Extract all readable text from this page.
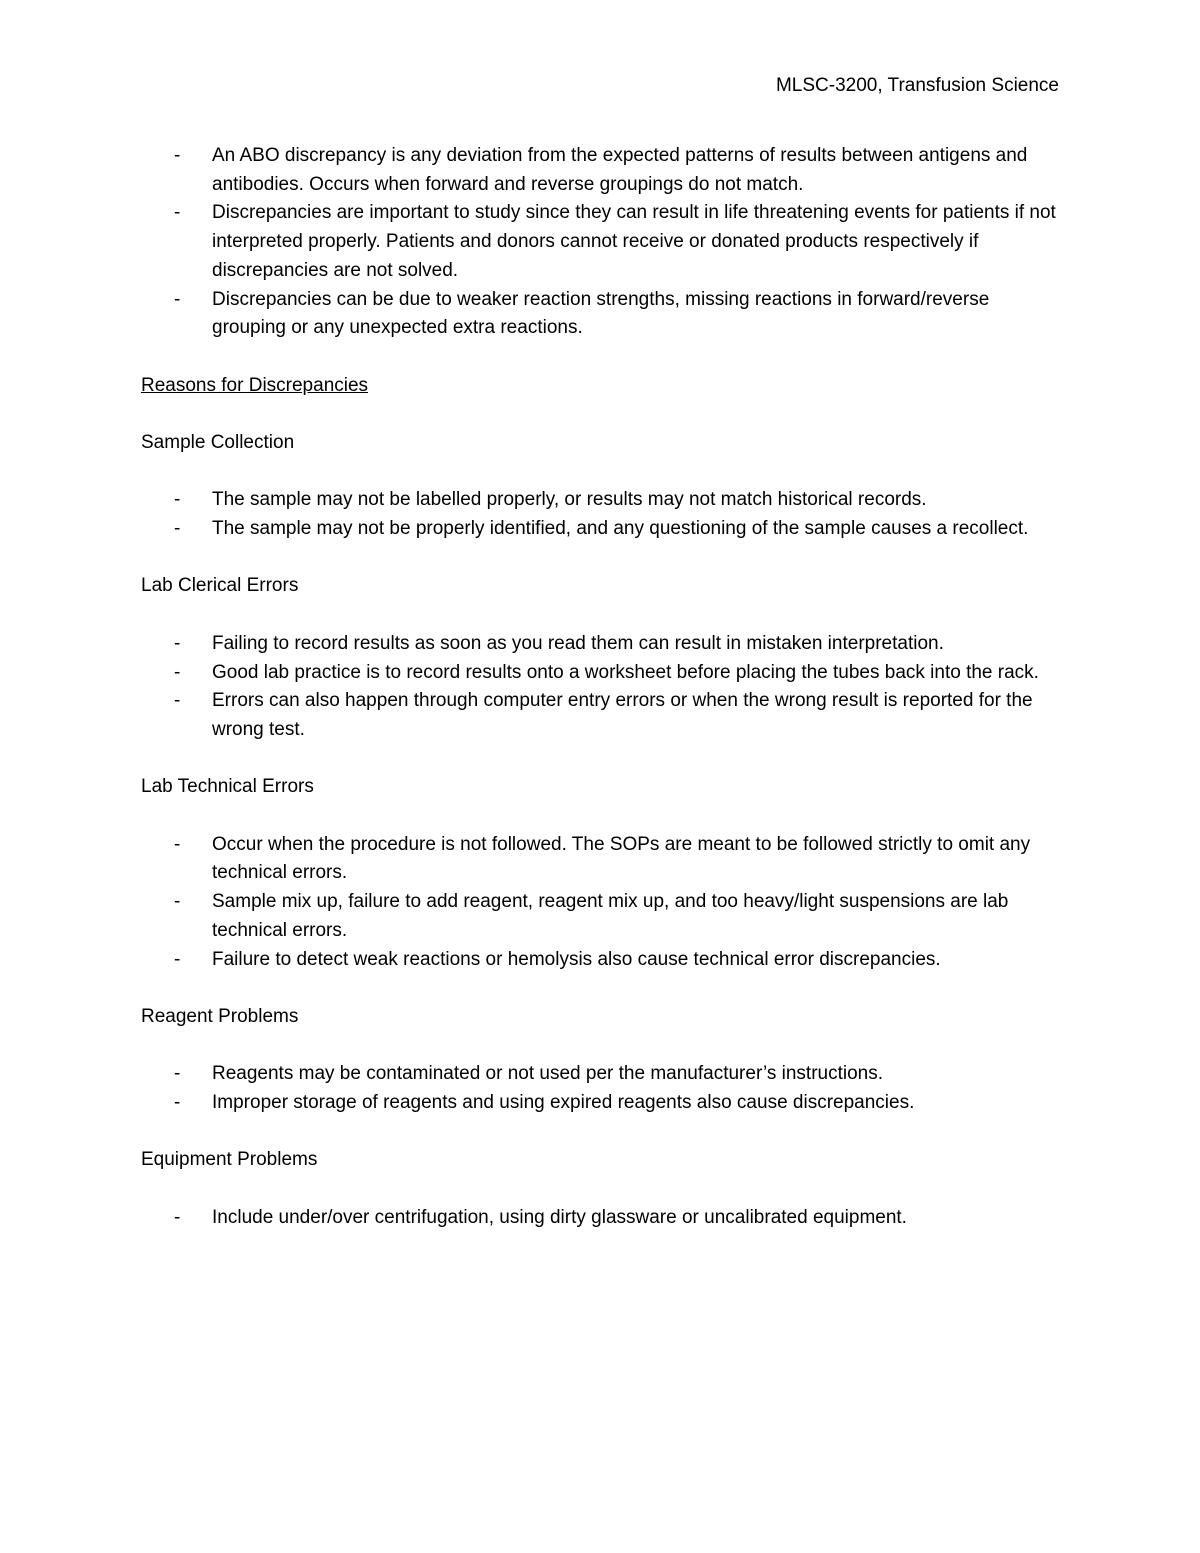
MLSC-3200, Transfusion Science
- An ABO discrepancy is any deviation from the expected patterns of results between antigens and antibodies. Occurs when forward and reverse groupings do not match.
- Discrepancies are important to study since they can result in life threatening events for patients if not interpreted properly. Patients and donors cannot receive or donated products respectively if discrepancies are not solved.
- Discrepancies can be due to weaker reaction strengths, missing reactions in forward/reverse grouping or any unexpected extra reactions.
Reasons for Discrepancies
Sample Collection
- The sample may not be labelled properly, or results may not match historical records.
- The sample may not be properly identified, and any questioning of the sample causes a recollect.
Lab Clerical Errors
- Failing to record results as soon as you read them can result in mistaken interpretation.
- Good lab practice is to record results onto a worksheet before placing the tubes back into the rack.
- Errors can also happen through computer entry errors or when the wrong result is reported for the wrong test.
Lab Technical Errors
- Occur when the procedure is not followed. The SOPs are meant to be followed strictly to omit any technical errors.
- Sample mix up, failure to add reagent, reagent mix up, and too heavy/light suspensions are lab technical errors.
- Failure to detect weak reactions or hemolysis also cause technical error discrepancies.
Reagent Problems
- Reagents may be contaminated or not used per the manufacturer’s instructions.
- Improper storage of reagents and using expired reagents also cause discrepancies.
Equipment Problems
- Include under/over centrifugation, using dirty glassware or uncalibrated equipment.
